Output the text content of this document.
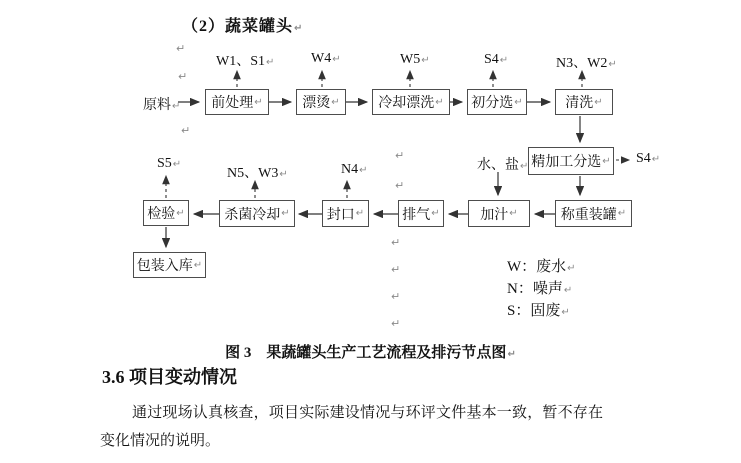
（2）蔬菜罐头↵
↵
↵
↵
↵
↵
↵
↵
↵
↵
原料↵ 前处理 ↵	漂烫 ↵	冷却漂洗 ↵ 初分选 ↵	清洗 ↵
精加工分选 ↵
称重装罐 ↵
加汁 ↵
排气 ↵
封口 ↵
杀菌冷却 ↵
检验 ↵
包装入库 ↵
W1、S1↵	W4↵	W5↵	S4↵	N3、W2↵
S5↵
N5、W3↵	N4↵	水、盐↵
S4↵
W：废水↵
N：噪声↵
S：固废↵
图 3　果蔬罐头生产工艺流程及排污节点图↵
3.6 项目变动情况
通过现场认真核查，项目实际建设情况与环评文件基本一致，暂不存在变化情况的说明。
